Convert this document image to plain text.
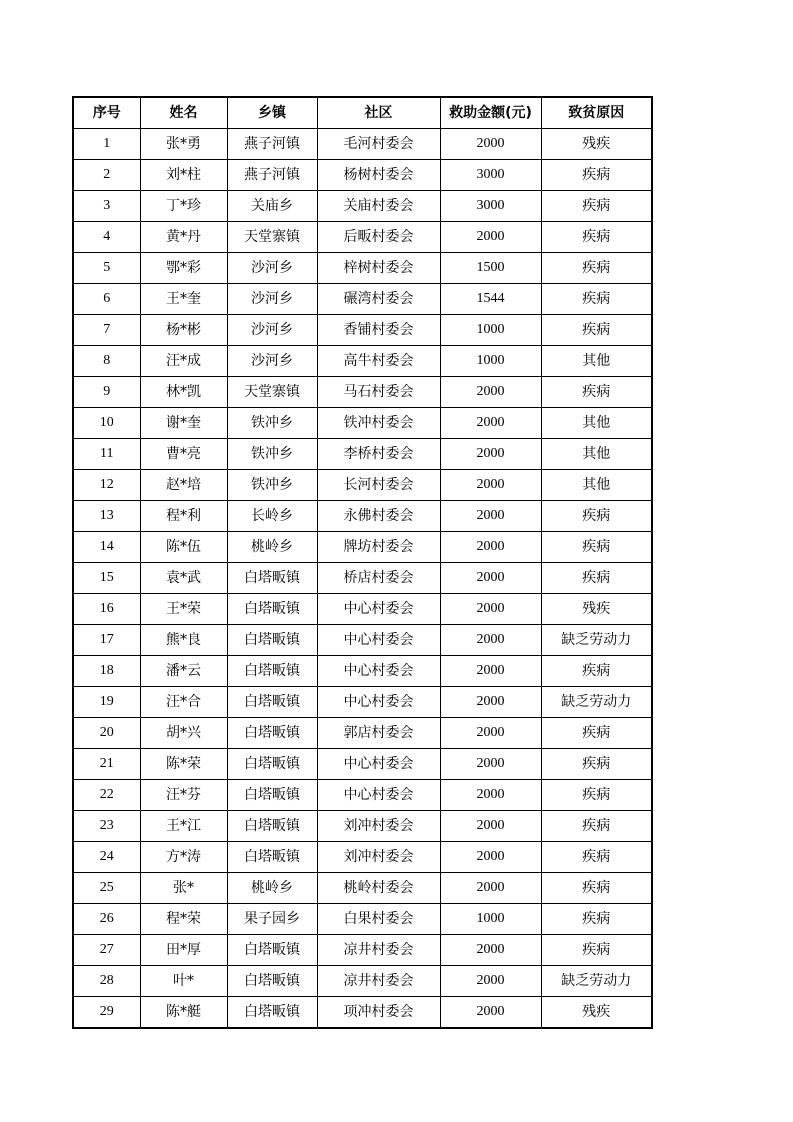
序号	姓名	乡镇	社区	救助金额(元)	致贫原因
1	张*勇	燕子河镇	毛河村委会	2000	残疾
2	刘*柱	燕子河镇	杨树村委会	3000	疾病
3	丁*珍	关庙乡	关庙村委会	3000	疾病
4	黄*丹	天堂寨镇	后畈村委会	2000	疾病
5	鄂*彩	沙河乡	梓树村委会	1500	疾病
6	王*奎	沙河乡	碾湾村委会	1544	疾病
7	杨*彬	沙河乡	香铺村委会	1000	疾病
8	汪*成	沙河乡	高牛村委会	1000	其他
9	林*凯	天堂寨镇	马石村委会	2000	疾病
10	谢*奎	铁冲乡	铁冲村委会	2000	其他
11	曹*亮	铁冲乡	李桥村委会	2000	其他
12	赵*培	铁冲乡	长河村委会	2000	其他
13	程*利	长岭乡	永佛村委会	2000	疾病
14	陈*伍	桃岭乡	牌坊村委会	2000	疾病
15	袁*武	白塔畈镇	桥店村委会	2000	疾病
16	王*荣	白塔畈镇	中心村委会	2000	残疾
17	熊*良	白塔畈镇	中心村委会	2000	缺乏劳动力
18	潘*云	白塔畈镇	中心村委会	2000	疾病
19	汪*合	白塔畈镇	中心村委会	2000	缺乏劳动力
20	胡*兴	白塔畈镇	郭店村委会	2000	疾病
21	陈*荣	白塔畈镇	中心村委会	2000	疾病
22	汪*芬	白塔畈镇	中心村委会	2000	疾病
23	王*江	白塔畈镇	刘冲村委会	2000	疾病
24	方*涛	白塔畈镇	刘冲村委会	2000	疾病
25	张*	桃岭乡	桃岭村委会	2000	疾病
26	程*荣	果子园乡	白果村委会	1000	疾病
27	田*厚	白塔畈镇	凉井村委会	2000	疾病
28	叶*	白塔畈镇	凉井村委会	2000	缺乏劳动力
29	陈*艇	白塔畈镇	项冲村委会	2000	残疾
